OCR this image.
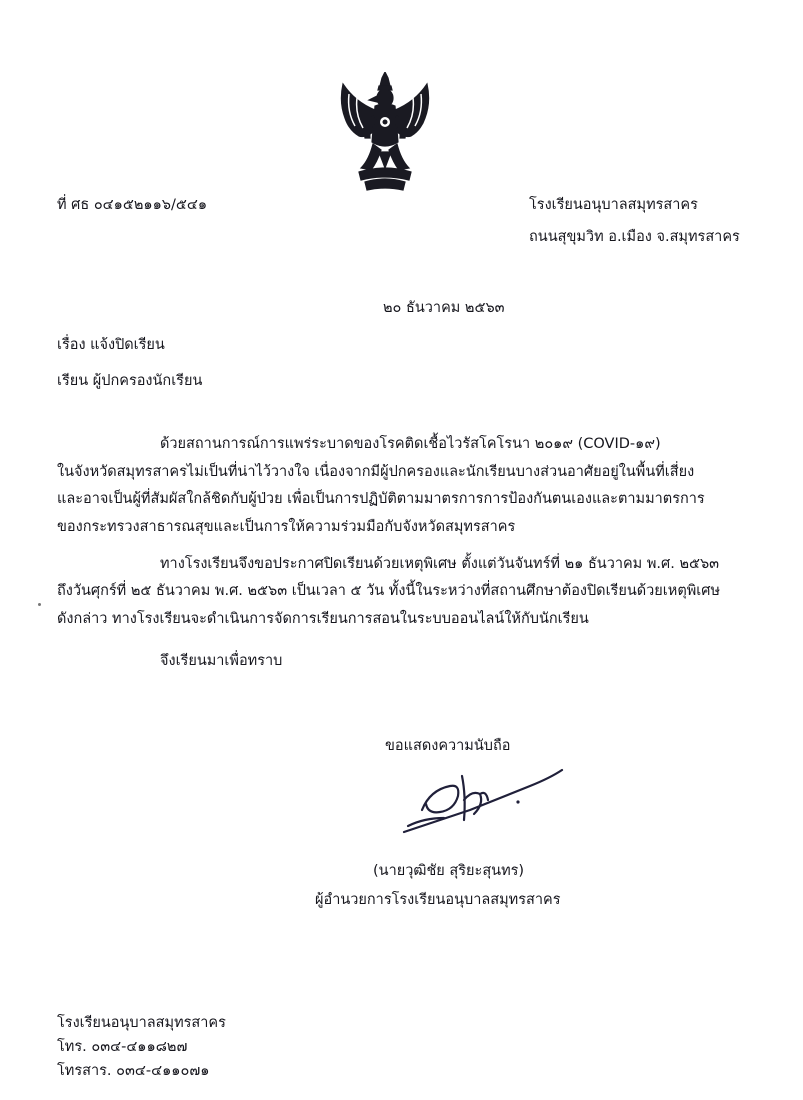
ที่ ศธ ๐๔๑๕๒๑๑๖/๕๔๑	โรงเรียนอนุบาลสมุทรสาคร
ถนนสุขุมวิท อ.เมือง จ.สมุทรสาคร
๒๐ ธันวาคม ๒๕๖๓
เรื่อง แจ้งปิดเรียน
เรียน ผู้ปกครองนักเรียน
ด้วยสถานการณ์การแพร่ระบาดของโรคติดเชื้อไวรัสโคโรนา ๒๐๑๙ (COVID-๑๙)
ในจังหวัดสมุทรสาครไม่เป็นที่น่าไว้วางใจ เนื่องจากมีผู้ปกครองและนักเรียนบางส่วนอาศัยอยู่ในพื้นที่เสี่ยง
และอาจเป็นผู้ที่สัมผัสใกล้ชิดกับผู้ป่วย เพื่อเป็นการปฏิบัติตามมาตรการการป้องกันตนเองและตามมาตรการ
ของกระทรวงสาธารณสุขและเป็นการให้ความร่วมมือกับจังหวัดสมุทรสาคร
ทางโรงเรียนจึงขอประกาศปิดเรียนด้วยเหตุพิเศษ ตั้งแต่วันจันทร์ที่ ๒๑ ธันวาคม พ.ศ. ๒๕๖๓
ถึงวันศุกร์ที่ ๒๕ ธันวาคม พ.ศ. ๒๕๖๓ เป็นเวลา ๕ วัน ทั้งนี้ในระหว่างที่สถานศึกษาต้องปิดเรียนด้วยเหตุพิเศษ
ดังกล่าว ทางโรงเรียนจะดำเนินการจัดการเรียนการสอนในระบบออนไลน์ให้กับนักเรียน
จึงเรียนมาเพื่อทราบ
ขอแสดงความนับถือ
(นายวุฒิชัย สุริยะสุนทร)
ผู้อำนวยการโรงเรียนอนุบาลสมุทรสาคร
โรงเรียนอนุบาลสมุทรสาคร
โทร. ๐๓๔-๔๑๑๘๒๗
โทรสาร. ๐๓๔-๔๑๑๐๗๑
